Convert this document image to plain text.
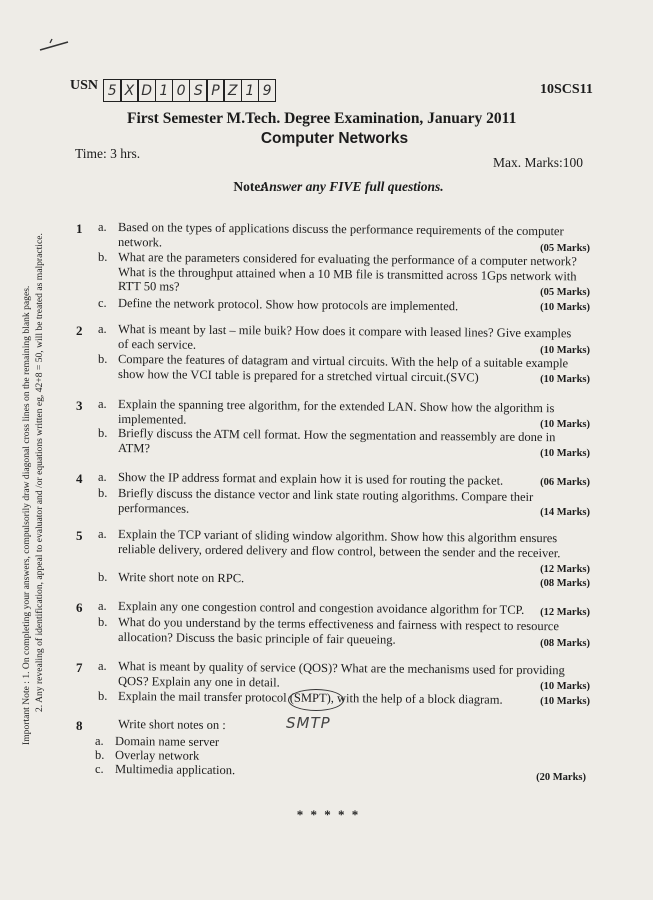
USN 5 X D 1 0 S P Z 1 9	10SCS11
First Semester M.Tech. Degree Examination, January 2011
Computer Networks
Time: 3 hrs.
Max. Marks:100
Note: Answer any FIVE full questions.
Important Note : 1. On completing your answers, compulsorily draw diagonal cross lines on the remaining blank pages. 2. Any revealing of identification, appeal to evaluator and /or equations written eg, 42+8 = 50, will be treated as malpractice.
1 a. Based on the types of applications discuss the performance requirements of the computer
network.	(05 Marks)
b. What are the parameters considered for evaluating the performance of a computer network?
What is the throughput attained when a 10 MB file is transmitted across 1Gps network with
RTT 50 ms?	(05 Marks)
c. Define the network protocol. Show how protocols are implemented.	(10 Marks)
2 a. What is meant by last – mile buik? How does it compare with leased lines? Give examples
of each service.	(10 Marks)
b. Compare the features of datagram and virtual circuits. With the help of a suitable example
show how the VCI table is prepared for a stretched virtual circuit.(SVC)	(10 Marks)
3 a. Explain the spanning tree algorithm, for the extended LAN. Show how the algorithm is
implemented.	(10 Marks)
b. Briefly discuss the ATM cell format. How the segmentation and reassembly are done in
ATM?	(10 Marks)
4 a. Show the IP address format and explain how it is used for routing the packet.	(06 Marks)
b. Briefly discuss the distance vector and link state routing algorithms. Compare their
performances.	(14 Marks)
5 a. Explain the TCP variant of sliding window algorithm. Show how this algorithm ensures
reliable delivery, ordered delivery and flow control, between the sender and the receiver.
(12 Marks)
b. Write short note on RPC.	(08 Marks)
6 a. Explain any one congestion control and congestion avoidance algorithm for TCP. (12 Marks)
b. What do you understand by the terms effectiveness and fairness with respect to resource
allocation? Discuss the basic principle of fair queueing.	(08 Marks)
7 a. What is meant by quality of service (QOS)? What are the mechanisms used for providing
QOS? Explain any one in detail.	(10 Marks)
b. Explain the mail transfer protocol (SMPT), with the help of a block diagram.	(10 Marks)
8	Write short notes on :
a. Domain name server
b. Overlay network
c. Multimedia application.
(20 Marks)
SMTP
* * * * *
